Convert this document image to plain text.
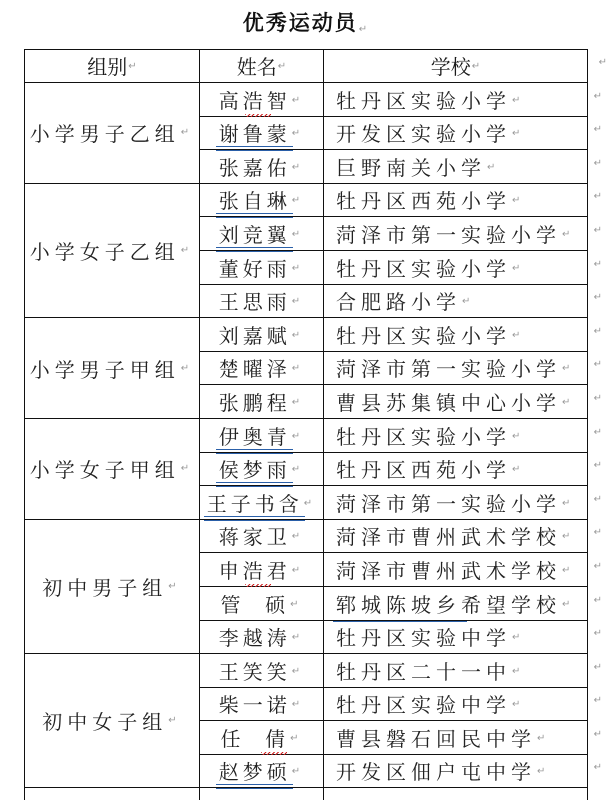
优秀运动员↵
组别 ↵	姓名 ↵	学校 ↵	↵
小学男子乙组 ↵
高浩智 ↵ 牡丹区实验小学 ↵	↵
谢鲁蒙 ↵ 开发区实验小学 ↵	↵
张嘉佑 ↵ 巨野南关小学 ↵	↵
小学女子乙组 ↵
张自琳 ↵ 牡丹区西苑小学 ↵	↵
刘竞翼 ↵ 菏泽市第一实验小学 ↵ ↵
董好雨 ↵ 牡丹区实验小学 ↵	↵
王思雨 ↵ 合肥路小学 ↵	↵
小学男子甲组 ↵
刘嘉赋 ↵ 牡丹区实验小学 ↵	↵
楚曜泽 ↵ 菏泽市第一实验小学 ↵ ↵
张鹏程 ↵ 曹县苏集镇中心小学 ↵ ↵
小学女子甲组 ↵
伊奥青 ↵ 牡丹区实验小学 ↵	↵
侯梦雨 ↵ 牡丹区西苑小学 ↵	↵
王子书含 ↵ 菏泽市第一实验小学 ↵ ↵
初中男子组 ↵
蒋家卫 ↵ 菏泽市曹州武术学校 ↵ ↵
申浩君 ↵ 菏泽市曹州武术学校 ↵ ↵
管  硕 ↵ 郓城陈坡乡希望学校 ↵ ↵
李越涛 ↵ 牡丹区实验中学 ↵	↵
初中女子组 ↵
王笑笑 ↵ 牡丹区二十一中 ↵	↵
柴一诺 ↵ 牡丹区实验中学 ↵	↵
任  倩 ↵ 曹县磐石回民中学 ↵	↵
赵梦硕 ↵ 开发区佃户屯中学 ↵	↵
